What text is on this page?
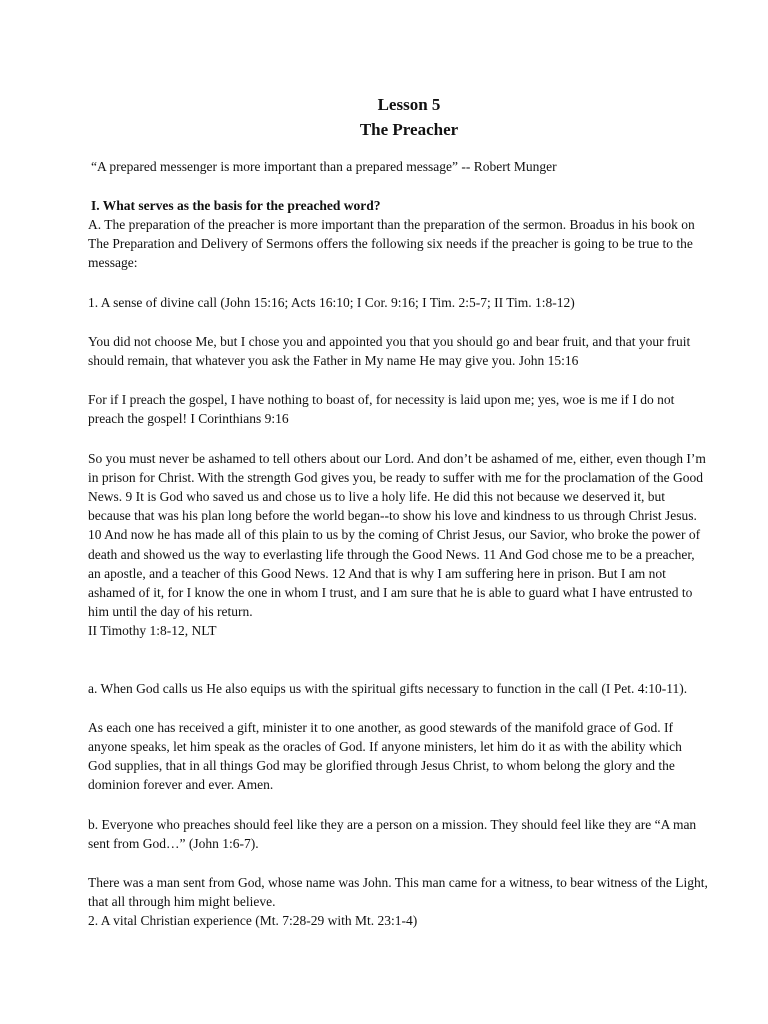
Lesson 5
The Preacher

“A prepared messenger is more important than a prepared message” -- Robert Munger

I. What serves as the basis for the preached word?

A. The preparation of the preacher is more important than the preparation of the sermon. Broadus in his book on The Preparation and Delivery of Sermons offers the following six needs if the preacher is going to be true to the message:

1. A sense of divine call (John 15:16; Acts 16:10; I Cor. 9:16; I Tim. 2:5-7; II Tim. 1:8-12)

You did not choose Me, but I chose you and appointed you that you should go and bear fruit, and that your fruit should remain, that whatever you ask the Father in My name He may give you. John 15:16

For if I preach the gospel, I have nothing to boast of, for necessity is laid upon me; yes, woe is me if I do not preach the gospel! I Corinthians 9:16

So you must never be ashamed to tell others about our Lord. And don’t be ashamed of me, either, even though I’m in prison for Christ. With the strength God gives you, be ready to suffer with me for the proclamation of the Good News. 9 It is God who saved us and chose us to live a holy life. He did this not because we deserved it, but because that was his plan long before the world began--to show his love and kindness to us through Christ Jesus. 10 And now he has made all of this plain to us by the coming of Christ Jesus, our Savior, who broke the power of death and showed us the way to everlasting life through the Good News. 11 And God chose me to be a preacher, an apostle, and a teacher of this Good News. 12 And that is why I am suffering here in prison. But I am not ashamed of it, for I know the one in whom I trust, and I am sure that he is able to guard what I have entrusted to him until the day of his return.

II Timothy 1:8-12, NLT

a. When God calls us He also equips us with the spiritual gifts necessary to function in the call (I Pet. 4:10-11).

As each one has received a gift, minister it to one another, as good stewards of the manifold grace of God. If anyone speaks, let him speak as the oracles of God. If anyone ministers, let him do it as with the ability which God supplies, that in all things God may be glorified through Jesus Christ, to whom belong the glory and the dominion forever and ever. Amen.

b. Everyone who preaches should feel like they are a person on a mission. They should feel like they are “A man sent from God…” (John 1:6-7).

There was a man sent from God, whose name was John. This man came for a witness, to bear witness of the Light, that all through him might believe.

2. A vital Christian experience (Mt. 7:28-29 with Mt. 23:1-4)
